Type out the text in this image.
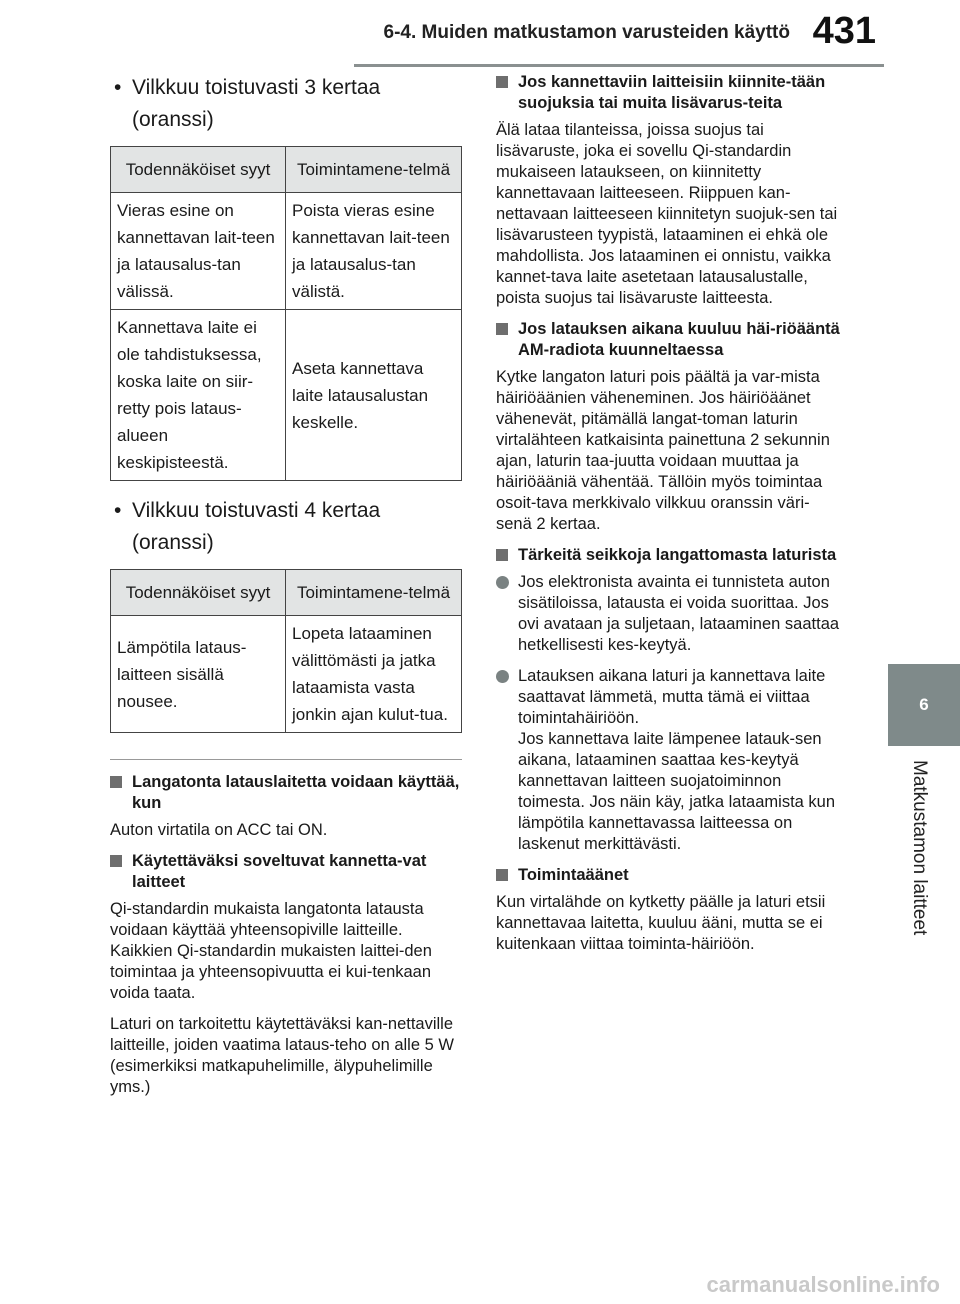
6-4. Muiden matkustamon varusteiden käyttö 431
6
Matkustamon laitteet
• Vilkkuu toistuvasti 3 kertaa (oranssi)
Todennäköiset syyt	Toimintamene-telmä
Vieras esine on kannettavan lait-teen ja latausalus-tan välissä.	Poista vieras esine kannettavan lait-teen ja latausalus-tan välistä.
Kannettava laite ei ole tahdistuksessa, koska laite on siir-retty pois lataus-alueen keskipisteestä.	Aseta kannettava laite latausalustan keskelle.
• Vilkkuu toistuvasti 4 kertaa (oranssi)
Todennäköiset syyt	Toimintamene-telmä
Lämpötila lataus-laitteen sisällä nousee.	Lopeta lataaminen välittömästi ja jatka lataamista vasta jonkin ajan kulut-tua.
Langatonta latauslaitetta voidaan käyttää, kun
Auton virtatila on ACC tai ON.
Käytettäväksi soveltuvat kannetta-vat laitteet

Qi-standardin mukaista langatonta latausta voidaan käyttää yhteensopiville laitteille.

Kaikkien Qi-standardin mukaisten laittei-den toimintaa ja yhteensopivuutta ei kui-tenkaan voida taata.

Laturi on tarkoitettu käytettäväksi kan-nettaville laitteille, joiden vaatima lataus-teho on alle 5 W (esimerkiksi matkapuhelimille, älypuhelimille yms.)
Jos kannettaviin laitteisiin kiinnite-tään suojuksia tai muita lisävarus-teita
Älä lataa tilanteissa, joissa suojus tai lisävaruste, joka ei sovellu Qi-standardin mukaiseen lataukseen, on kiinnitetty kannettavaan laitteeseen. Riippuen kan-nettavaan laitteeseen kiinnitetyn suojuk-sen tai lisävarusteen tyypistä, lataaminen ei ehkä ole mahdollista. Jos lataaminen ei onnistu, vaikka kannet-tava laite asetetaan latausalustalle, poista suojus tai lisävaruste laitteesta.
Jos latauksen aikana kuuluu häi-riöääntä AM-radiota kuunneltaessa
Kytke langaton laturi pois päältä ja var-mista häiriöäänien väheneminen. Jos häiriöäänet vähenevät, pitämällä langat-toman laturin virtalähteen katkaisinta painettuna 2 sekunnin ajan, laturin taa-juutta voidaan muuttaa ja häiriöääniä vähentää. Tällöin myös toimintaa osoit-tava merkkivalo vilkkuu oranssin väri-senä 2 kertaa.
Tärkeitä seikkoja langattomasta laturista
Jos elektronista avainta ei tunnisteta auton sisätiloissa, latausta ei voida suorittaa. Jos ovi avataan ja suljetaan, lataaminen saattaa hetkellisesti kes-keytyä.
Latauksen aikana laturi ja kannettava laite saattavat lämmetä, mutta tämä ei viittaa toimintahäiriöön.
Jos kannettava laite lämpenee latauk-sen aikana, lataaminen saattaa kes-keytyä kannettavan laitteen suojatoiminnon toimesta. Jos näin käy, jatka lataamista kun lämpötila kannettavassa laitteessa on laskenut merkittävästi.
Toimintaäänet
Kun virtalähde on kytketty päälle ja laturi etsii kannettavaa laitetta, kuuluu ääni, mutta se ei kuitenkaan viittaa toiminta-häiriöön.
carmanualsonline.info
